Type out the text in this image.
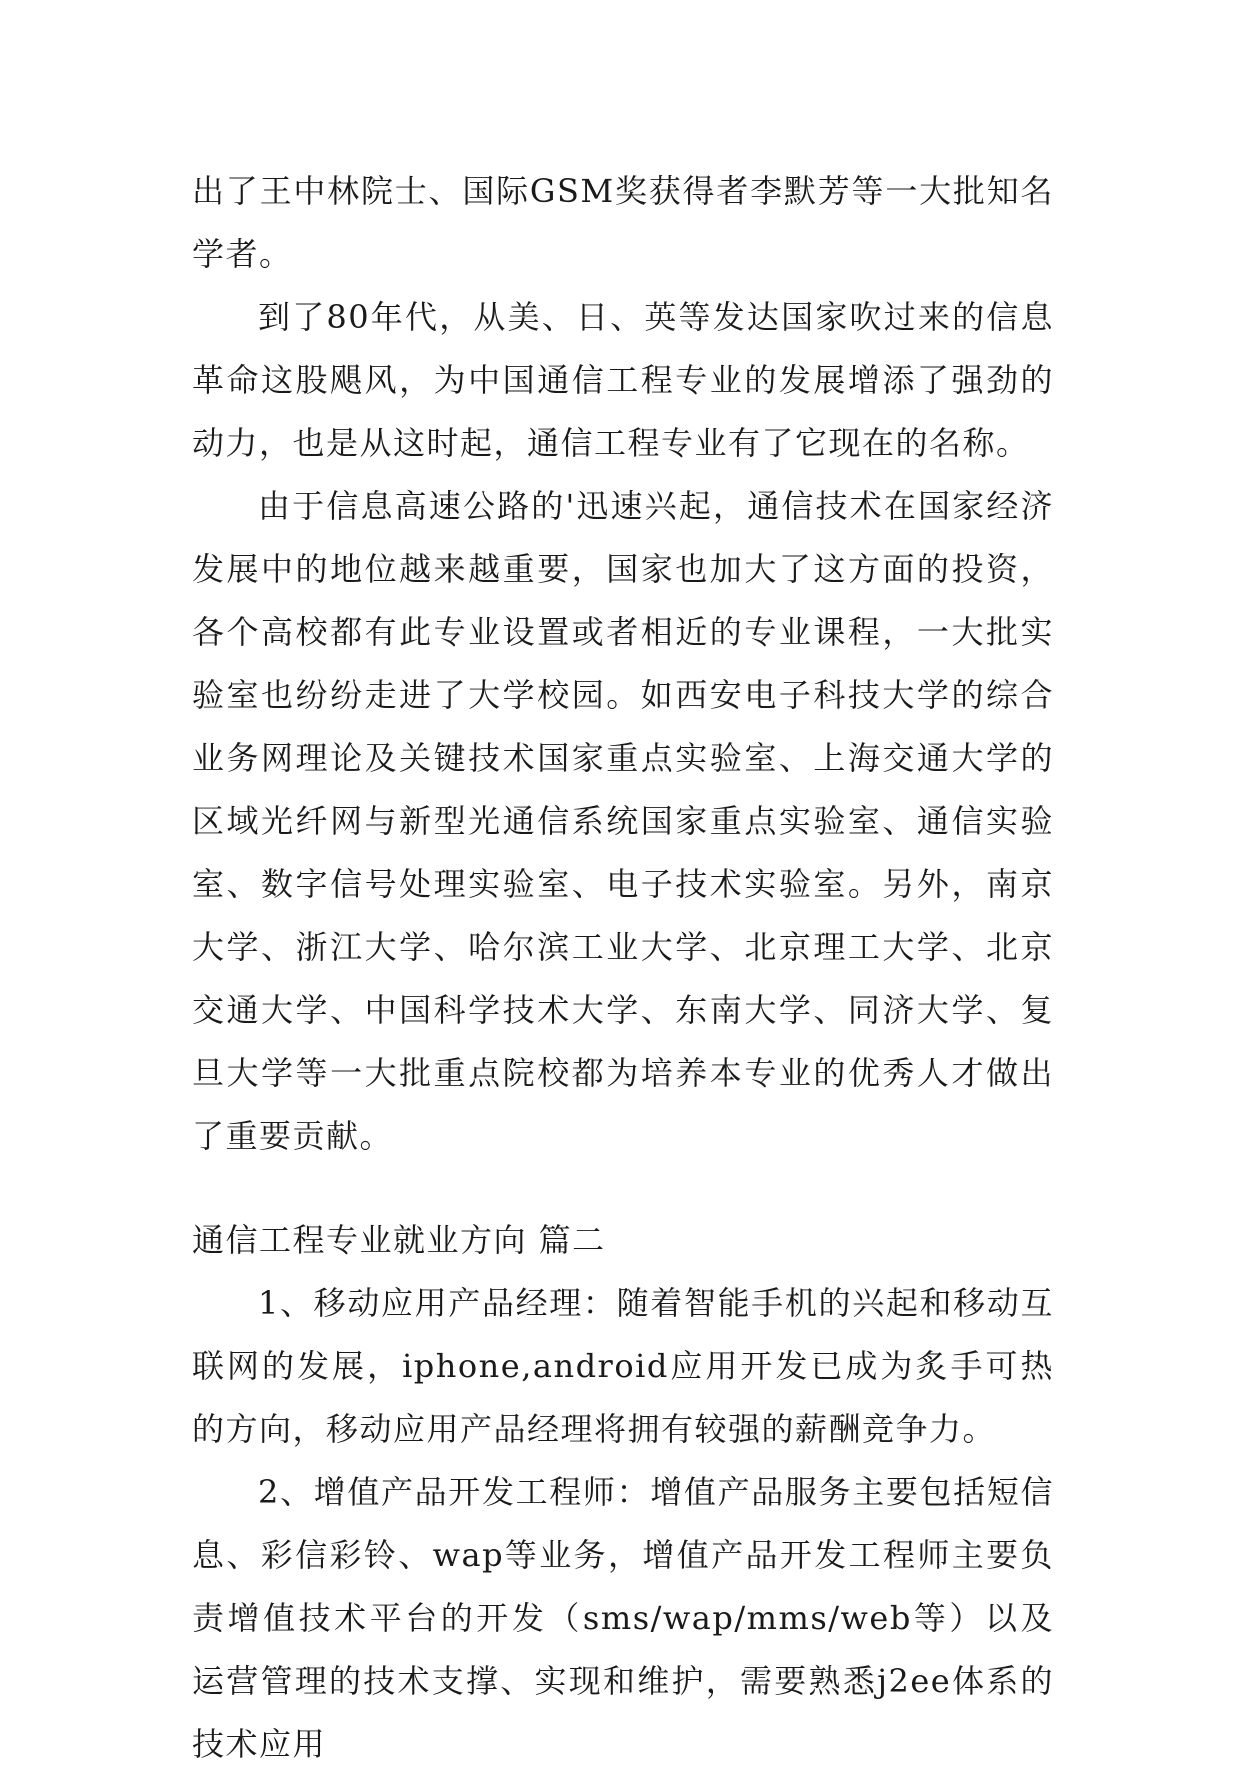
出了王中林院士、国际GSM奖获得者李默芳等一大批知名学者。

到了80年代，从美、日、英等发达国家吹过来的信息革命这股飓风，为中国通信工程专业的发展增添了强劲的动力，也是从这时起，通信工程专业有了它现在的名称。

由于信息高速公路的'迅速兴起，通信技术在国家经济发展中的地位越来越重要，国家也加大了这方面的投资，各个高校都有此专业设置或者相近的专业课程，一大批实验室也纷纷走进了大学校园。如西安电子科技大学的综合业务网理论及关键技术国家重点实验室、上海交通大学的区域光纤网与新型光通信系统国家重点实验室、通信实验室、数字信号处理实验室、电子技术实验室。另外，南京大学、浙江大学、哈尔滨工业大学、北京理工大学、北京交通大学、中国科学技术大学、东南大学、同济大学、复旦大学等一大批重点院校都为培养本专业的优秀人才做出了重要贡献。

通信工程专业就业方向 篇二

1、移动应用产品经理：随着智能手机的兴起和移动互联网的发展，iphone,android应用开发已成为炙手可热的方向，移动应用产品经理将拥有较强的薪酬竞争力。

2、增值产品开发工程师：增值产品服务主要包括短信息、彩信彩铃、wap等业务，增值产品开发工程师主要负责增值技术平台的开发（sms/wap/mms/web等）以及运营管理的技术支撑、实现和维护，需要熟悉j2ee体系的技术应用
